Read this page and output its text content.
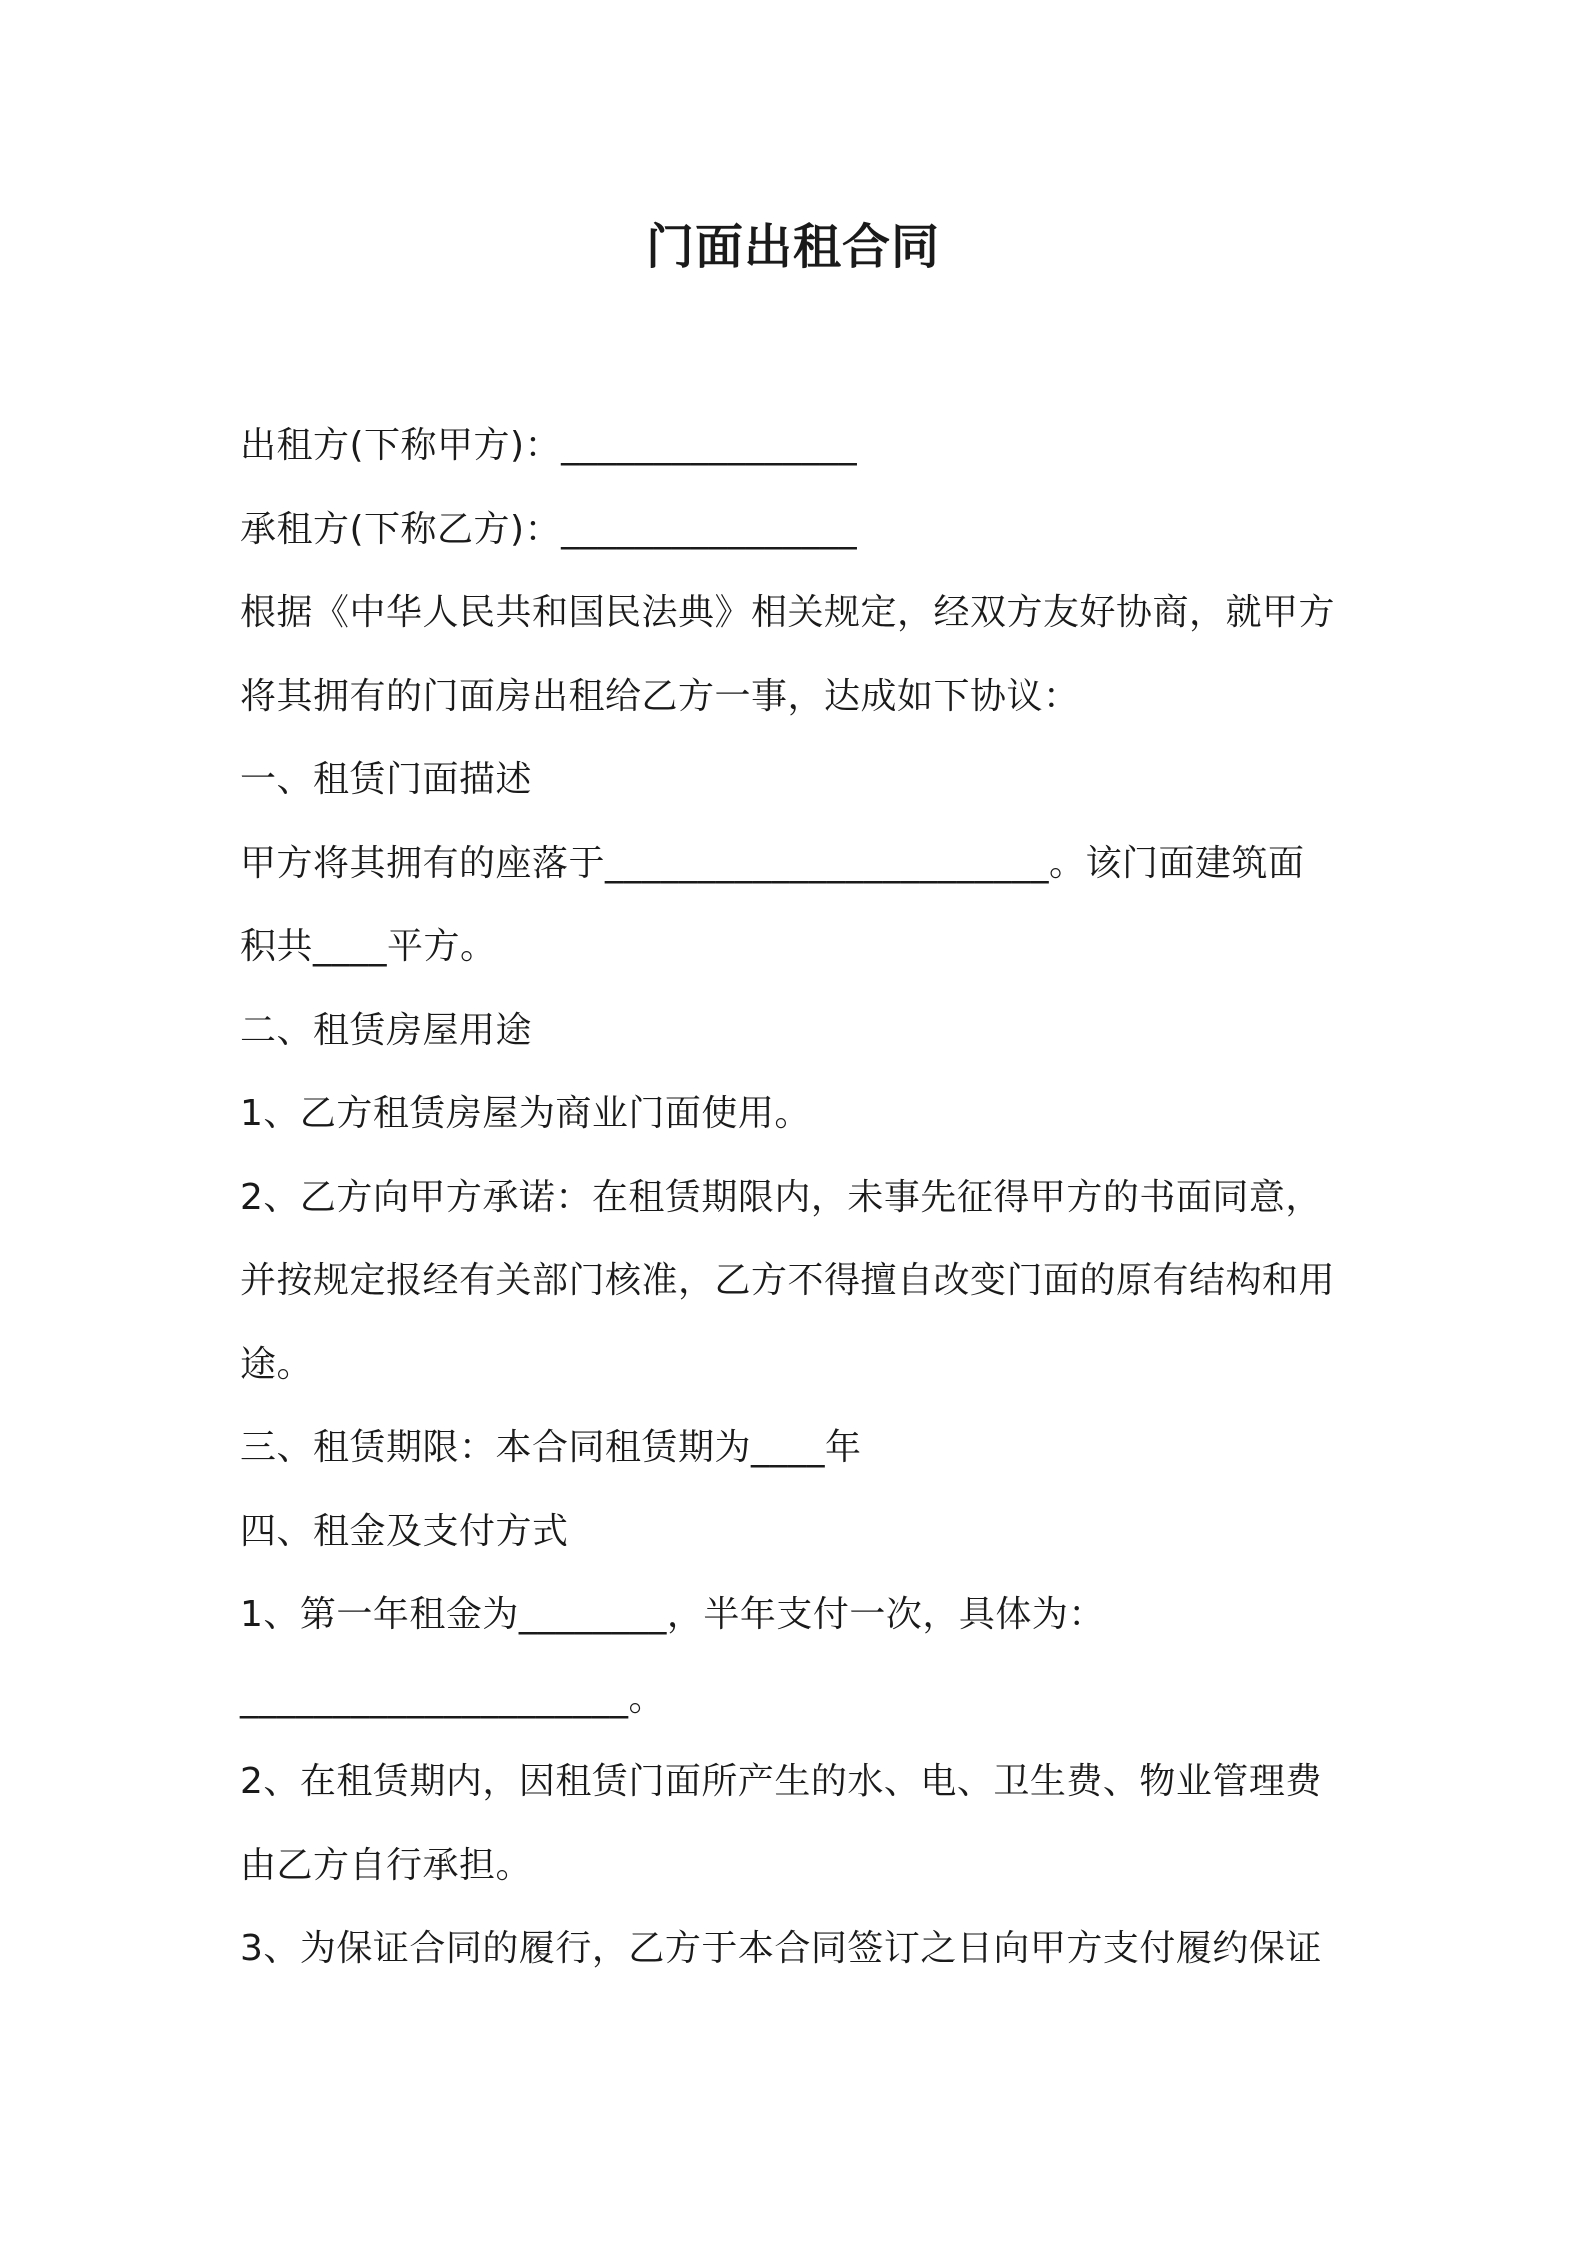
门面出租合同
出租方(下称甲方)：________________
承租方(下称乙方)：________________
根据《中华人民共和国民法典》相关规定，经双方友好协商，就甲方
将其拥有的门面房出租给乙方一事，达成如下协议：
一、租赁门面描述
甲方将其拥有的座落于________________________。该门面建筑面
积共____平方。
二、租赁房屋用途
1、乙方租赁房屋为商业门面使用。
2、乙方向甲方承诺：在租赁期限内，未事先征得甲方的书面同意，
并按规定报经有关部门核准，乙方不得擅自改变门面的原有结构和用
途。
三、租赁期限：本合同租赁期为____年
四、租金及支付方式
1、第一年租金为________，半年支付一次，具体为：
_____________________。
2、在租赁期内，因租赁门面所产生的水、电、卫生费、物业管理费
由乙方自行承担。
3、为保证合同的履行，乙方于本合同签订之日向甲方支付履约保证
